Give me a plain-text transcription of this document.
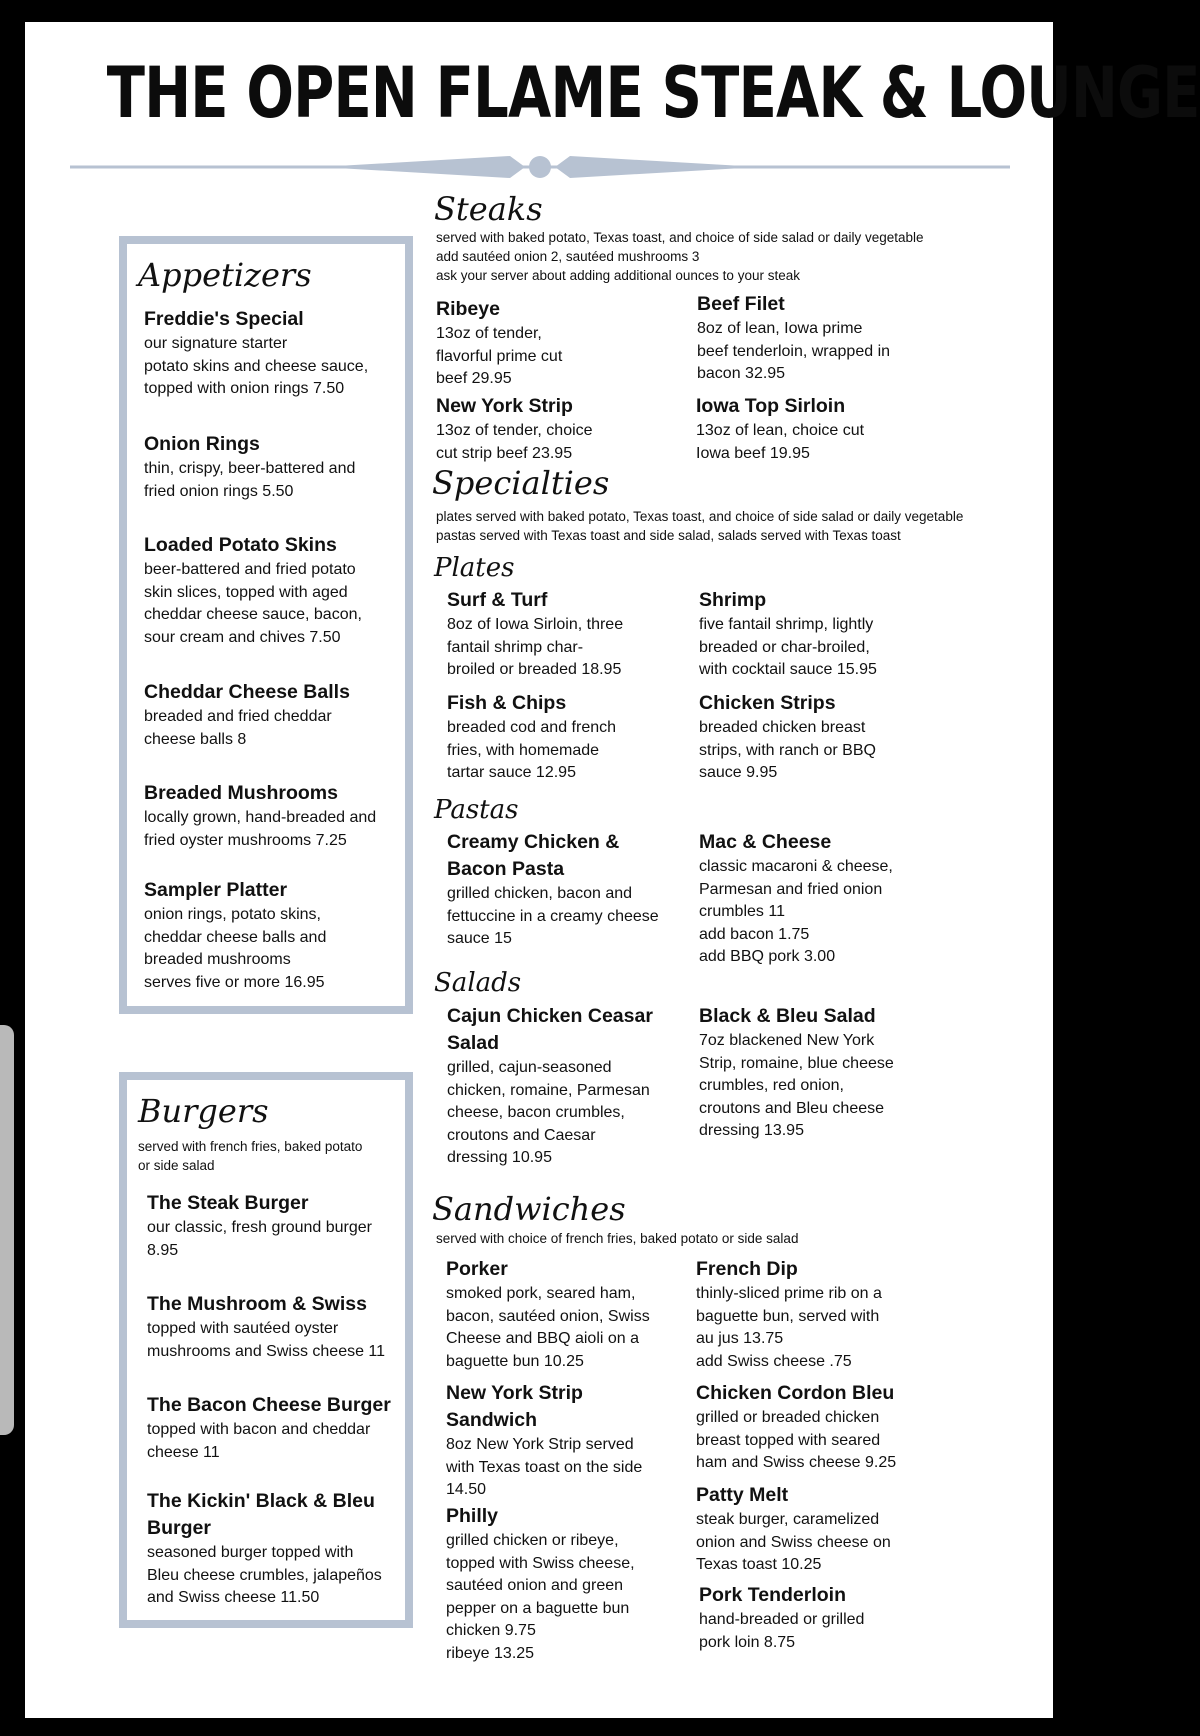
THE OPEN FLAME STEAK & LOUNGE
Appetizers
Freddie's Special
our signature starter
potato skins and cheese sauce,
topped with onion rings 7.50
Onion Rings
thin, crispy, beer-battered and
fried onion rings 5.50
Loaded Potato Skins
beer-battered and fried potato
skin slices, topped with aged
cheddar cheese sauce, bacon,
sour cream and chives 7.50
Cheddar Cheese Balls
breaded and fried cheddar
cheese balls 8
Breaded Mushrooms
locally grown, hand-breaded and
fried oyster mushrooms 7.25
Sampler Platter
onion rings, potato skins,
cheddar cheese balls and
breaded mushrooms
serves five or more 16.95
Burgers
served with french fries, baked potato
or side salad
The Steak Burger
our classic, fresh ground burger
8.95
The Mushroom & Swiss
topped with sautéed oyster
mushrooms and Swiss cheese 11
The Bacon Cheese Burger
topped with bacon and cheddar
cheese 11
The Kickin' Black & Bleu
Burger
seasoned burger topped with
Bleu cheese crumbles, jalapeños
and Swiss cheese 11.50
Steaks
served with baked potato, Texas toast, and choice of side salad or daily vegetable
add sautéed onion 2, sautéed mushrooms 3
ask your server about adding additional ounces to your steak
Ribeye
13oz of tender,
flavorful prime cut
beef 29.95
Beef Filet
8oz of lean, Iowa prime
beef tenderloin, wrapped in
bacon 32.95
New York Strip
13oz of tender, choice
cut strip beef 23.95
Iowa Top Sirloin
13oz of lean, choice cut
Iowa beef 19.95
Specialties
plates served with baked potato, Texas toast, and choice of side salad or daily vegetable
pastas served with Texas toast and side salad, salads served with Texas toast
Plates
Surf & Turf
8oz of Iowa Sirloin, three
fantail shrimp char-
broiled or breaded 18.95
Shrimp
five fantail shrimp, lightly
breaded or char-broiled,
with cocktail sauce 15.95
Fish & Chips
breaded cod and french
fries, with homemade
tartar sauce 12.95
Chicken Strips
breaded chicken breast
strips, with ranch or BBQ
sauce 9.95
Pastas
Creamy Chicken &
Bacon Pasta
grilled chicken, bacon and
fettuccine in a creamy cheese
sauce 15
Mac & Cheese
classic macaroni & cheese,
Parmesan and fried onion
crumbles 11
add bacon 1.75
add BBQ pork 3.00
Salads
Cajun Chicken Ceasar
Salad
grilled, cajun-seasoned
chicken, romaine, Parmesan
cheese, bacon crumbles,
croutons and Caesar
dressing 10.95
Black & Bleu Salad
7oz blackened New York
Strip, romaine, blue cheese
crumbles, red onion,
croutons and Bleu cheese
dressing 13.95
Sandwiches
served with choice of french fries, baked potato or side salad
Porker
smoked pork, seared ham,
bacon, sautéed onion, Swiss
Cheese and BBQ aioli on a
baguette bun 10.25
French Dip
thinly-sliced prime rib on a
baguette bun, served with
au jus 13.75
add Swiss cheese .75
New York Strip
Sandwich
8oz New York Strip served
with Texas toast on the side
14.50
Chicken Cordon Bleu
grilled or breaded chicken
breast topped with seared
ham and Swiss cheese 9.25
Philly
grilled chicken or ribeye,
topped with Swiss cheese,
sautéed onion and green
pepper on a baguette bun
chicken 9.75
ribeye 13.25
Patty Melt
steak burger, caramelized
onion and Swiss cheese on
Texas toast 10.25
Pork Tenderloin
hand-breaded or grilled
pork loin 8.75
